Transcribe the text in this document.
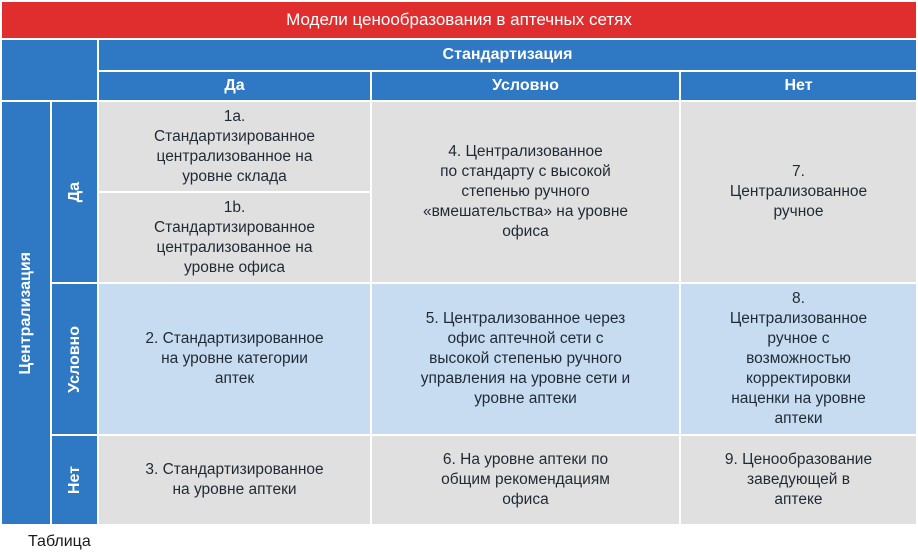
Модели ценообразования в аптечных сетях
Стандартизация
Да	Условно	Нет
Централизация
Да
Условно
Нет
1a.
Стандартизированное
централизованное на
уровне склада
1b.
Стандартизированное
централизованное на
уровне офиса
4. Централизованное
по стандарту с высокой
степенью ручного
«вмешательства» на уровне
офиса
7.
Централизованное
ручное
2. Стандартизированное
на уровне категории
аптек
5. Централизованное через
офис аптечной сети с
высокой степенью ручного
управления на уровне сети и
уровне аптеки
8.
Централизованное
ручное с
возможностью
корректировки
наценки на уровне
аптеки
3. Стандартизированное
на уровне аптеки
6. На уровне аптеки по
общим рекомендациям
офиса
9. Ценообразование
заведующей в
аптеке
Таблица
